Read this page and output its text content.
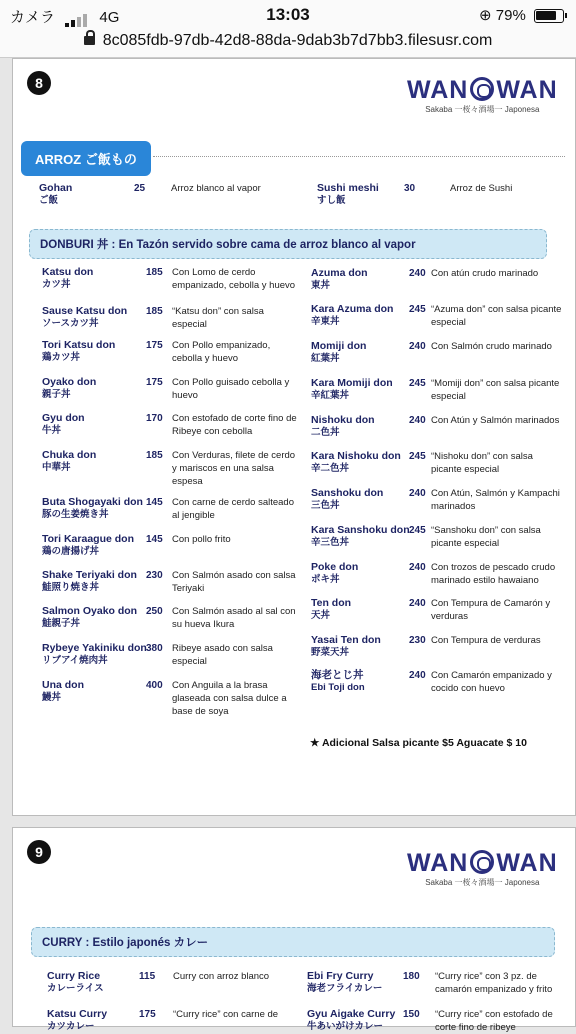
カメラ	4G	13:03	⊕ 79%
8c085fdb-97db-42d8-88da-9dab3b7d7bb3.filesusr.com
8	WAN WAN
Sakaba 一桜々酒場一 Japonesa
ARROZ ご飯もの
Gohan
ご飯
25	Arroz blanco al vapor	Sushi meshi
すし飯
30	Arroz de Sushi
DONBURI 丼 : En Tazón servido sobre cama de arroz blanco al vapor
Katsu don
カツ丼
185 Con Lomo de cerdo empanizado, cebolla y huevo
Sause Katsu don
ソースカツ丼
185 “Katsu don” con salsa especial
Tori Katsu don
鶏カツ丼
175 Con Pollo empanizado, cebolla y huevo
Oyako don
親子丼
175 Con Pollo guisado cebolla y huevo
Gyu don
牛丼
170 Con estofado de corte fino de Ribeye con cebolla
Chuka don
中華丼
185 Con Verduras, filete de cerdo y mariscos en una salsa espesa
Buta Shogayaki don
豚の生姜焼き丼
145 Con carne de cerdo salteado al jengible
Tori Karaague don
鶏の唐揚げ丼
145 Con pollo frito
Shake Teriyaki don
鮭照り焼き丼
230 Con Salmón asado con salsa Teriyaki
Salmon Oyako don
鮭親子丼
250 Con Salmón asado al sal con su hueva Ikura
Rybeye Yakiniku don
リブアイ焼肉丼
380 Ribeye asado con salsa especial
Una don
鰻丼
400 Con Anguila a la brasa glaseada con salsa dulce a base de soya
Azuma don
東丼
240 Con atún crudo marinado
Kara Azuma don
辛東丼
245 “Azuma don” con salsa picante especial
Momiji don
紅葉丼
240 Con Salmón crudo marinado
Kara Momiji don
辛紅葉丼
245 “Momiji don” con salsa picante especial
Nishoku don
二色丼
240 Con Atún y Salmón marinados
Kara Nishoku don
辛二色丼
245 “Nishoku don” con salsa picante especial
Sanshoku don
三色丼
240 Con Atún, Salmón y Kampachi marinados
Kara Sanshoku don
辛三色丼
245 “Sanshoku don” con salsa picante especial
Poke don
ポキ丼
240 Con trozos de pescado crudo marinado estilo hawaiano
Ten don
天丼
240 Con Tempura de Camarón y verduras
Yasai Ten don
野菜天丼
230 Con Tempura de verduras
海老とじ丼
Ebi Toji don
240 Con Camarón empanizado y cocido con huevo
★ Adicional Salsa picante $5 Aguacate $ 10
9	WAN WAN
Sakaba 一桜々酒場一 Japonesa
CURRY : Estilo japonés カレー
Curry Rice
カレーライス
115 Curry con arroz blanco	Ebi Fry Curry
海老フライカレー
180 “Curry rice” con 3 pz. de camarón empanizado y frito
Katsu Curry
カツカレー
175 “Curry rice” con carne de	Gyu Aigake Curry
牛あいがけカレー
150 “Curry rice” con estofado de corte fino de ribeye
